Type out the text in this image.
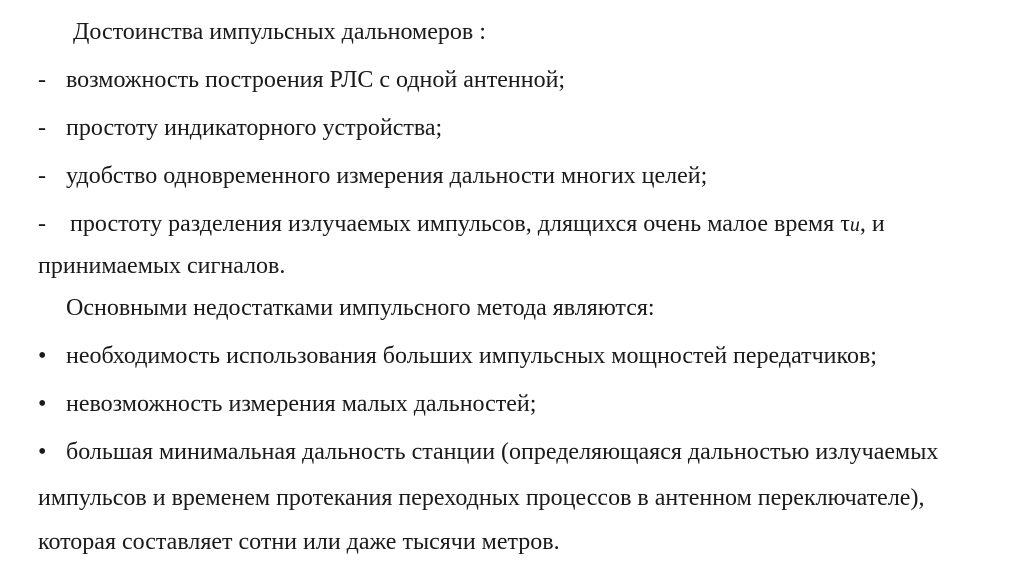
Достоинства импульсных дальномеров :
- возможность построения РЛС с одной антенной;
- простоту индикаторного устройства;
- удобство одновременного измерения дальности многих целей;
- простоту разделения излучаемых импульсов, длящихся очень малое время τи, и
принимаемых сигналов.
Основными недостатками импульсного метода являются:
• необходимость использования больших импульсных мощностей передатчиков;
• невозможность измерения малых дальностей;
• большая минимальная дальность станции (определяющаяся дальностью излучаемых
импульсов и временем протекания переходных процессов в антенном переключателе),
которая составляет сотни или даже тысячи метров.
